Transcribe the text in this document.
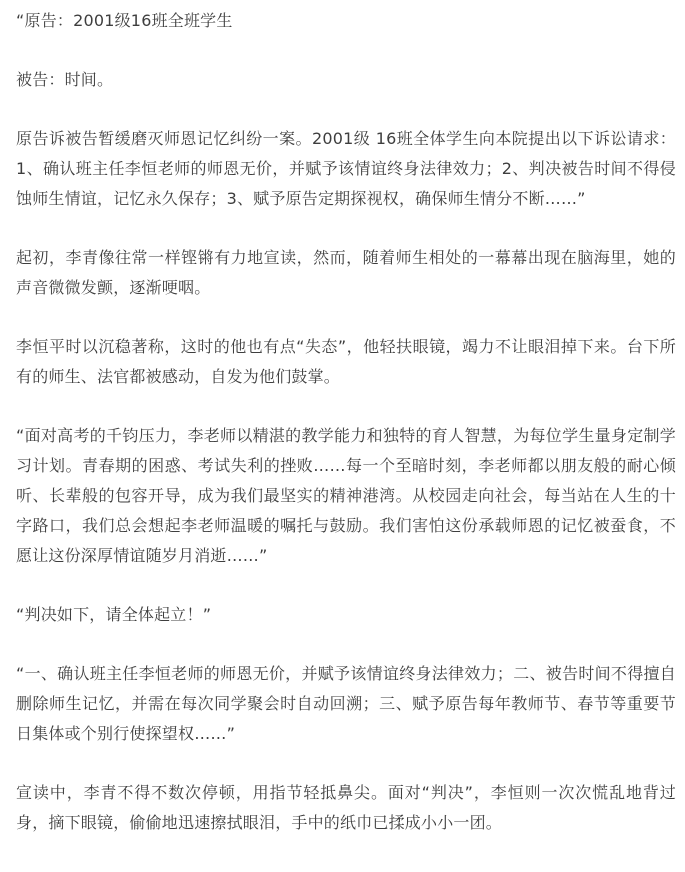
“原告：2001级16班全班学生

被告：时间。

原告诉被告暂缓磨灭师恩记忆纠纷一案。2001级 16班全体学生向本院提出以下诉讼请求：1、确认班主任李恒老师的师恩无价，并赋予该情谊终身法律效力；2、判决被告时间不得侵蚀师生情谊，记忆永久保存；3、赋予原告定期探视权，确保师生情分不断……”

起初，李青像往常一样铿锵有力地宣读，然而，随着师生相处的一幕幕出现在脑海里，她的声音微微发颤，逐渐哽咽。

李恒平时以沉稳著称，这时的他也有点“失态”，他轻扶眼镜，竭力不让眼泪掉下来。台下所有的师生、法官都被感动，自发为他们鼓掌。

“面对高考的千钧压力，李老师以精湛的教学能力和独特的育人智慧，为每位学生量身定制学习计划。青春期的困惑、考试失利的挫败……每一个至暗时刻，李老师都以朋友般的耐心倾听、长辈般的包容开导，成为我们最坚实的精神港湾。从校园走向社会，每当站在人生的十字路口，我们总会想起李老师温暖的嘱托与鼓励。我们害怕这份承载师恩的记忆被蚕食，不愿让这份深厚情谊随岁月消逝……”

“判决如下，请全体起立！”

“一、确认班主任李恒老师的师恩无价，并赋予该情谊终身法律效力；二、被告时间不得擅自删除师生记忆，并需在每次同学聚会时自动回溯；三、赋予原告每年教师节、春节等重要节日集体或个别行使探望权……”

宣读中，李青不得不数次停顿，用指节轻抵鼻尖。面对“判决”，李恒则一次次慌乱地背过身，摘下眼镜，偷偷地迅速擦拭眼泪，手中的纸巾已揉成小小一团。
